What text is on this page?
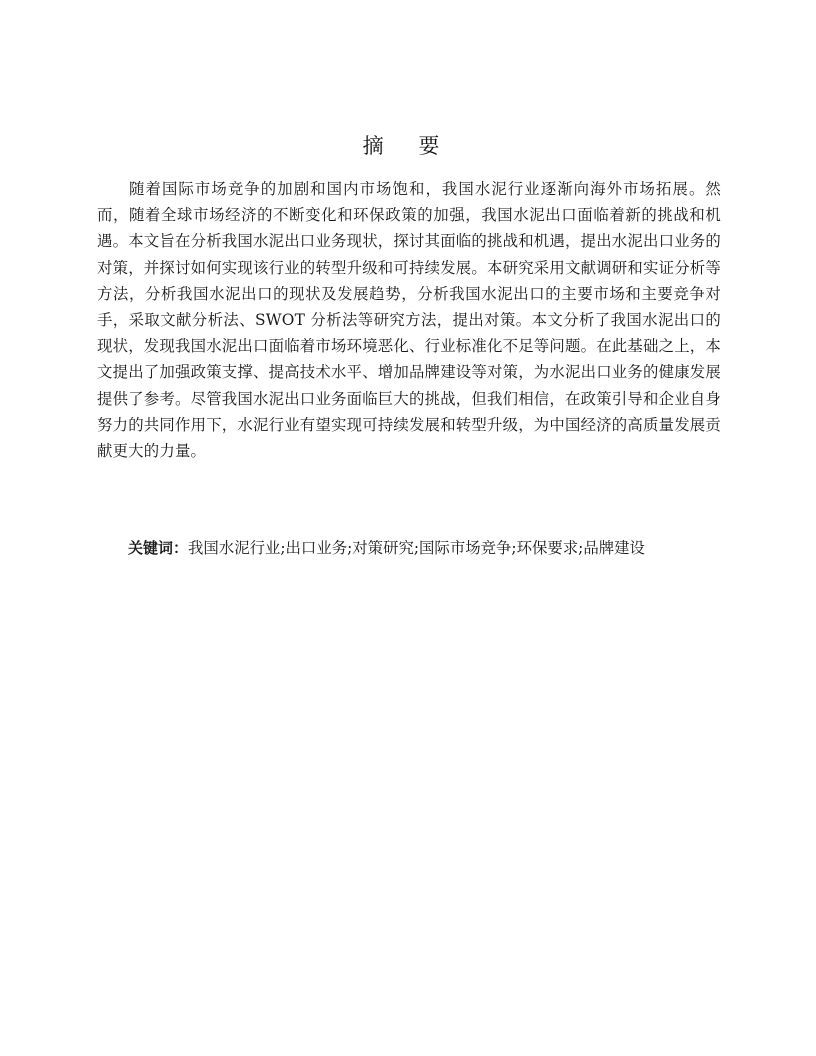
摘 要

随着国际市场竞争的加剧和国内市场饱和，我国水泥行业逐渐向海外市场拓展。然而，随着全球市场经济的不断变化和环保政策的加强，我国水泥出口面临着新的挑战和机遇。本文旨在分析我国水泥出口业务现状，探讨其面临的挑战和机遇，提出水泥出口业务的对策，并探讨如何实现该行业的转型升级和可持续发展。本研究采用文献调研和实证分析等方法，分析我国水泥出口的现状及发展趋势，分析我国水泥出口的主要市场和主要竞争对手，采取文献分析法、SWOT 分析法等研究方法，提出对策。本文分析了我国水泥出口的现状，发现我国水泥出口面临着市场环境恶化、行业标准化不足等问题。在此基础之上，本文提出了加强政策支撑、提高技术水平、增加品牌建设等对策，为水泥出口业务的健康发展提供了参考。尽管我国水泥出口业务面临巨大的挑战，但我们相信，在政策引导和企业自身努力的共同作用下，水泥行业有望实现可持续发展和转型升级，为中国经济的高质量发展贡献更大的力量。

关键词：我国水泥行业;出口业务;对策研究;国际市场竞争;环保要求;品牌建设
